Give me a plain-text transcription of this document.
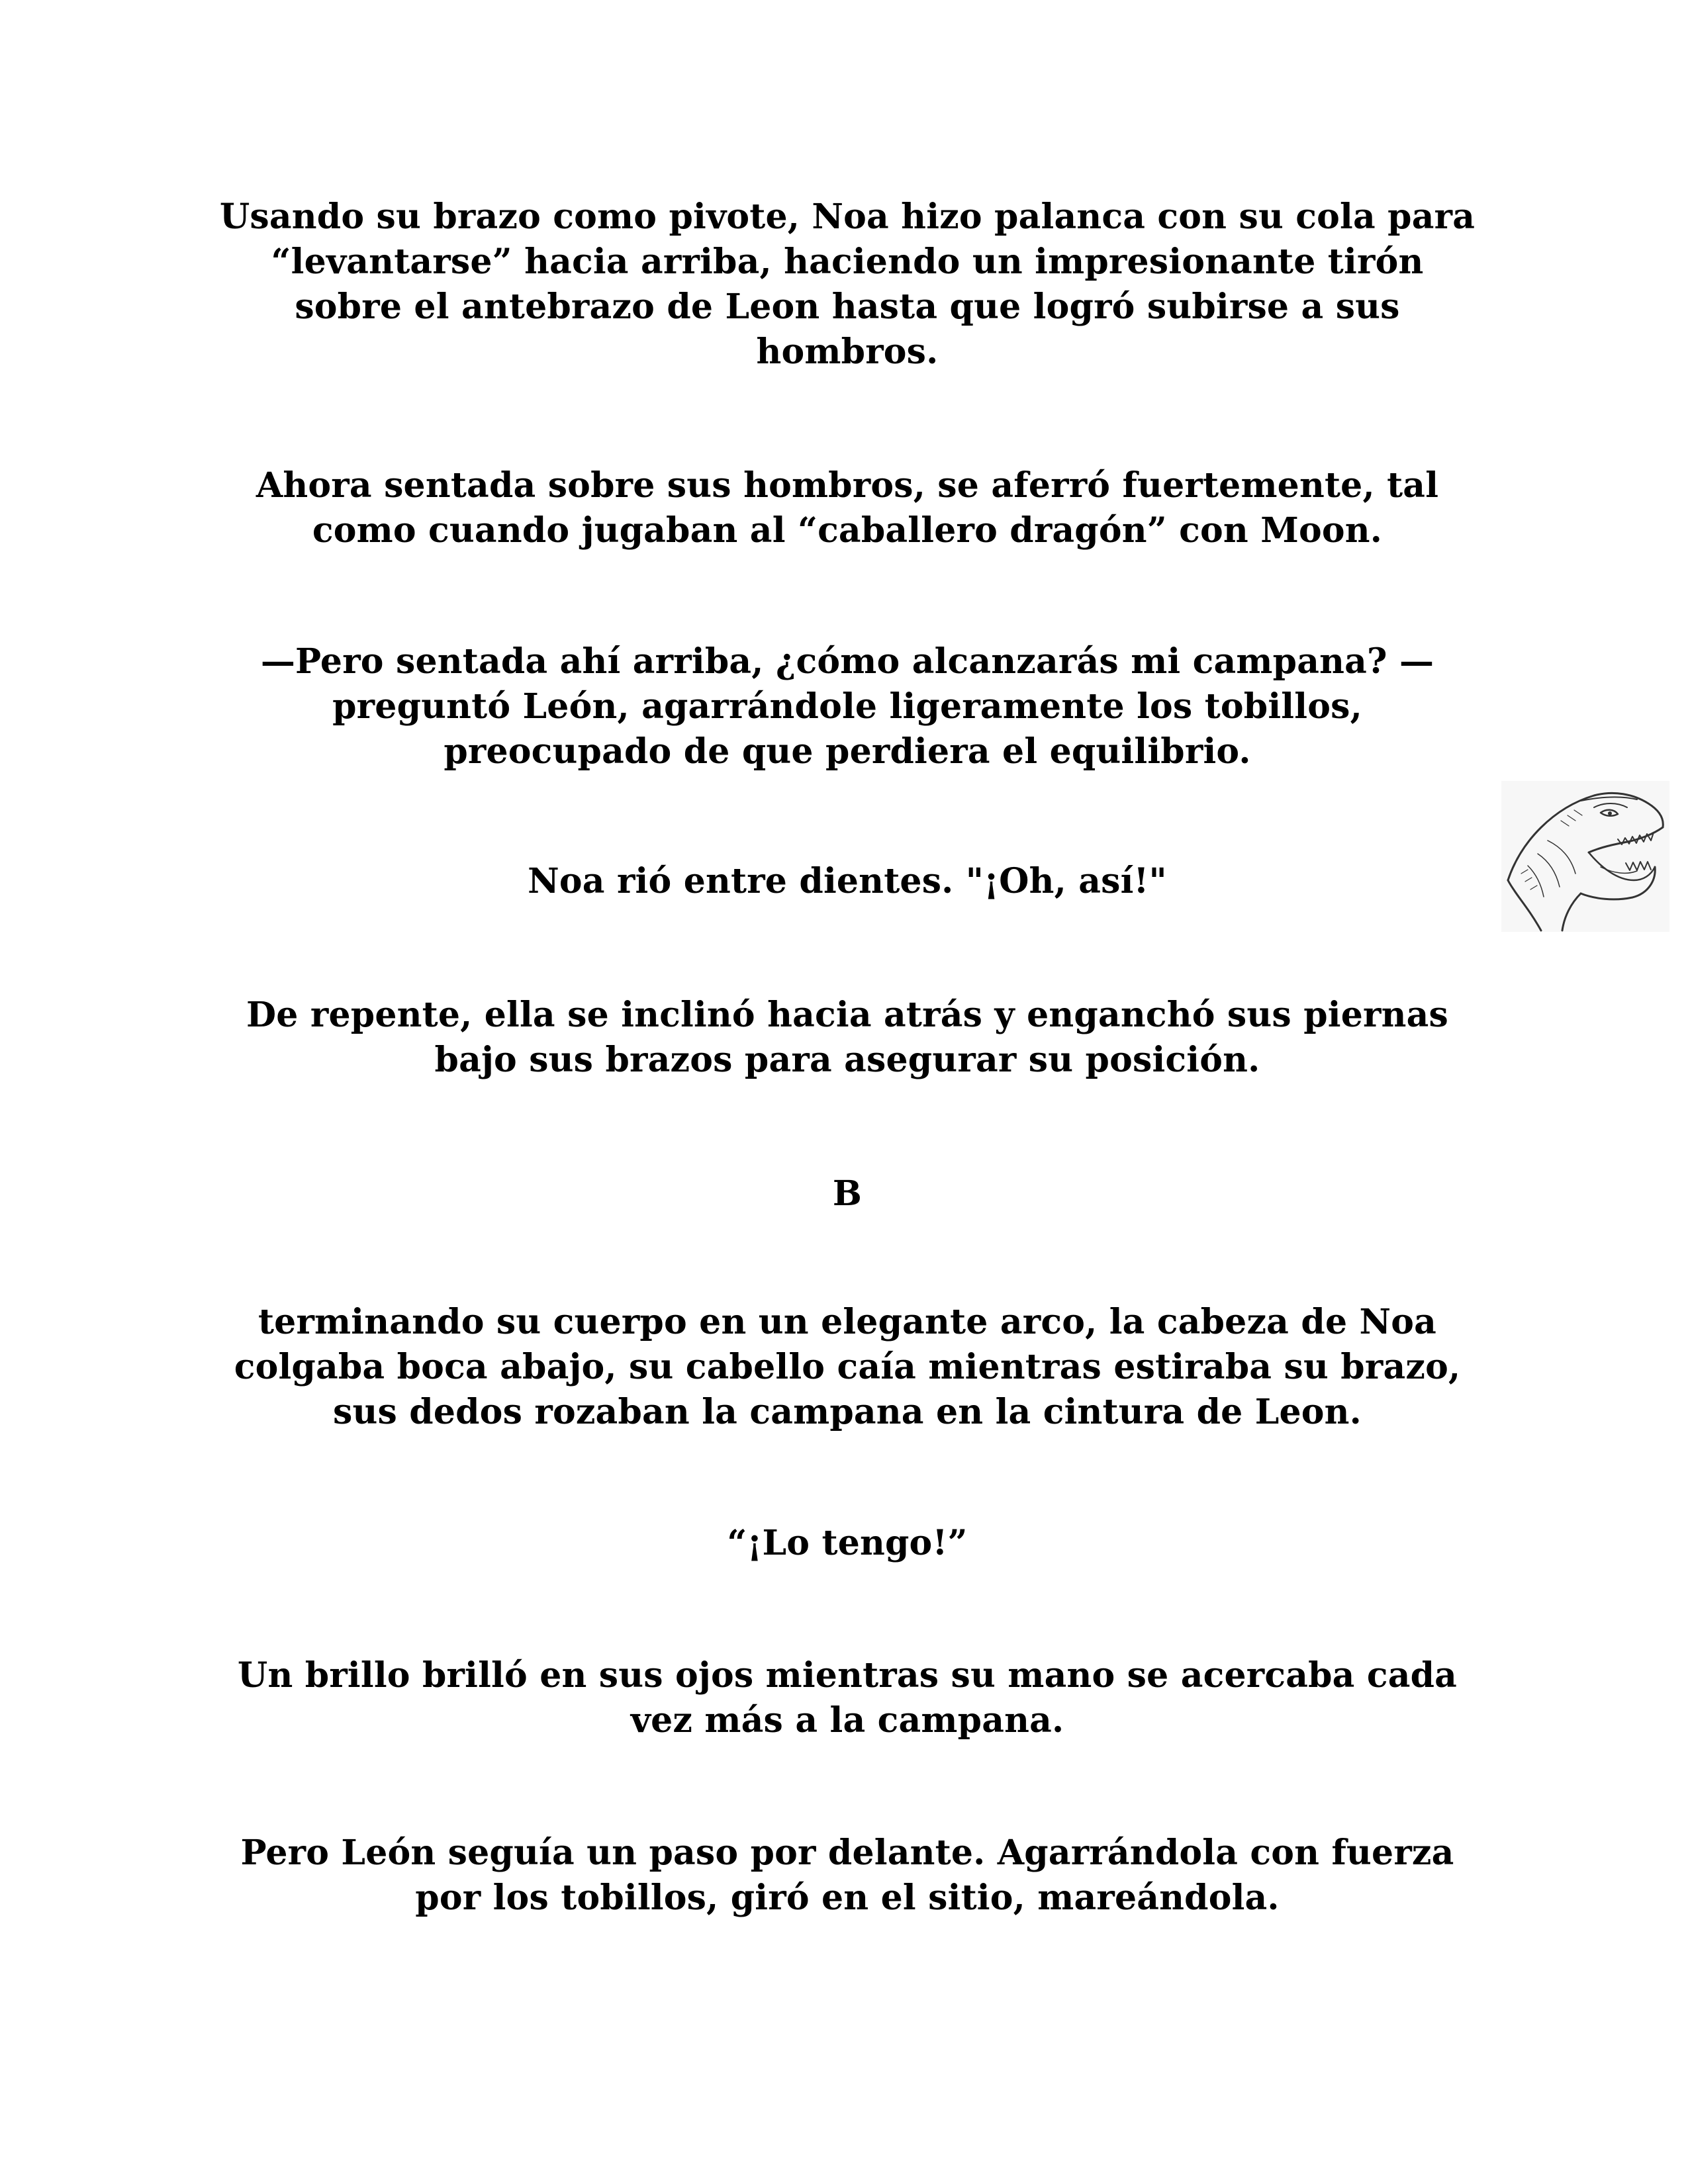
Usando su brazo como pivote, Noa hizo palanca con su cola para “levantarse” hacia arriba, haciendo un impresionante tirón sobre el antebrazo de Leon hasta que logró subirse a sus hombros.

Ahora sentada sobre sus hombros, se aferró fuertemente, tal como cuando jugaban al “caballero dragón” con Moon.

—Pero sentada ahí arriba, ¿cómo alcanzarás mi campana? — preguntó León, agarrándole ligeramente los tobillos, preocupado de que perdiera el equilibrio.

Noa rió entre dientes. "¡Oh, así!"

De repente, ella se inclinó hacia atrás y enganchó sus piernas bajo sus brazos para asegurar su posición.

B

terminando su cuerpo en un elegante arco, la cabeza de Noa colgaba boca abajo, su cabello caía mientras estiraba su brazo, sus dedos rozaban la campana en la cintura de Leon.

“¡Lo tengo!”

Un brillo brilló en sus ojos mientras su mano se acercaba cada vez más a la campana.

Pero León seguía un paso por delante. Agarrándola con fuerza por los tobillos, giró en el sitio, mareándola.
